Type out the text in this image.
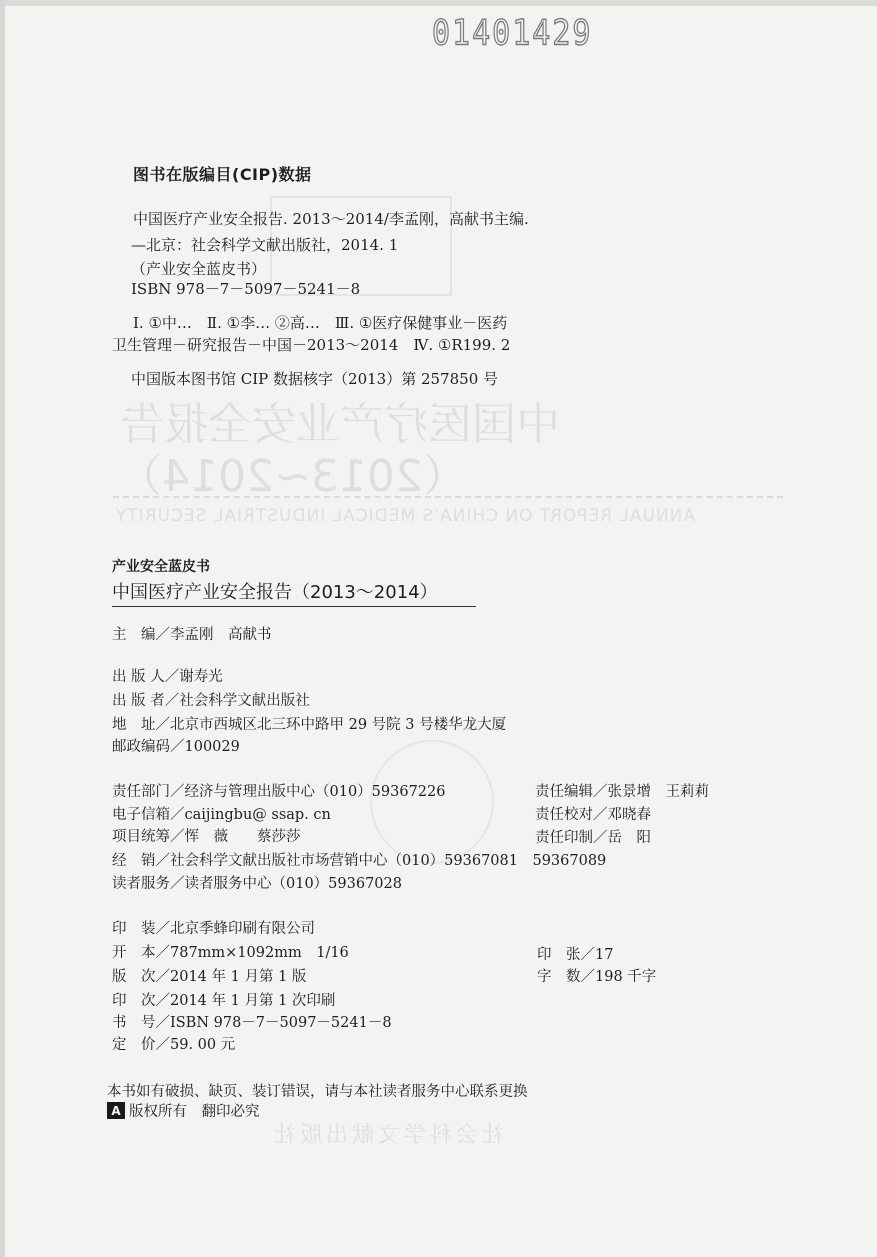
01401429
中国医疗产业安全报告
（2013~2014）
ANNUAL REPORT ON CHINA'S MEDICAL INDUSTRIAL SECURITY
社会科学文献出版社
图书在版编目(CIP)数据
中国医疗产业安全报告. 2013～2014/李孟刚，高献书主编.
—北京：社会科学文献出版社，2014. 1
（产业安全蓝皮书）
ISBN 978－7－5097－5241－8
Ⅰ. ①中…　Ⅱ. ①李… ②高…　Ⅲ. ①医疗保健事业－医药
卫生管理－研究报告－中国－2013～2014　Ⅳ. ①R199. 2
中国版本图书馆 CIP 数据核字（2013）第 257850 号
产业安全蓝皮书
中国医疗产业安全报告（2013～2014）
主　编／李孟刚　高献书
出 版 人／谢寿光
出 版 者／社会科学文献出版社
地　址／北京市西城区北三环中路甲 29 号院 3 号楼华龙大厦
邮政编码／100029
责任部门／经济与管理出版中心（010）59367226
电子信箱／caijingbu@ ssap. cn
项目统筹／恽　薇　　蔡莎莎
经　销／社会科学文献出版社市场营销中心（010）59367081　59367089
读者服务／读者服务中心（010）59367028
责任编辑／张景增　王莉莉
责任校对／邓晓春
责任印制／岳　阳
印　装／北京季蜂印刷有限公司
开　本／787mm×1092mm　1/16
版　次／2014 年 1 月第 1 版
印　次／2014 年 1 月第 1 次印刷
书　号／ISBN 978－7－5097－5241－8
定　价／59. 00 元
印　张／17
字　数／198 千字
本书如有破损、缺页、装订错误，请与本社读者服务中心联系更换
A 版权所有　翻印必究
